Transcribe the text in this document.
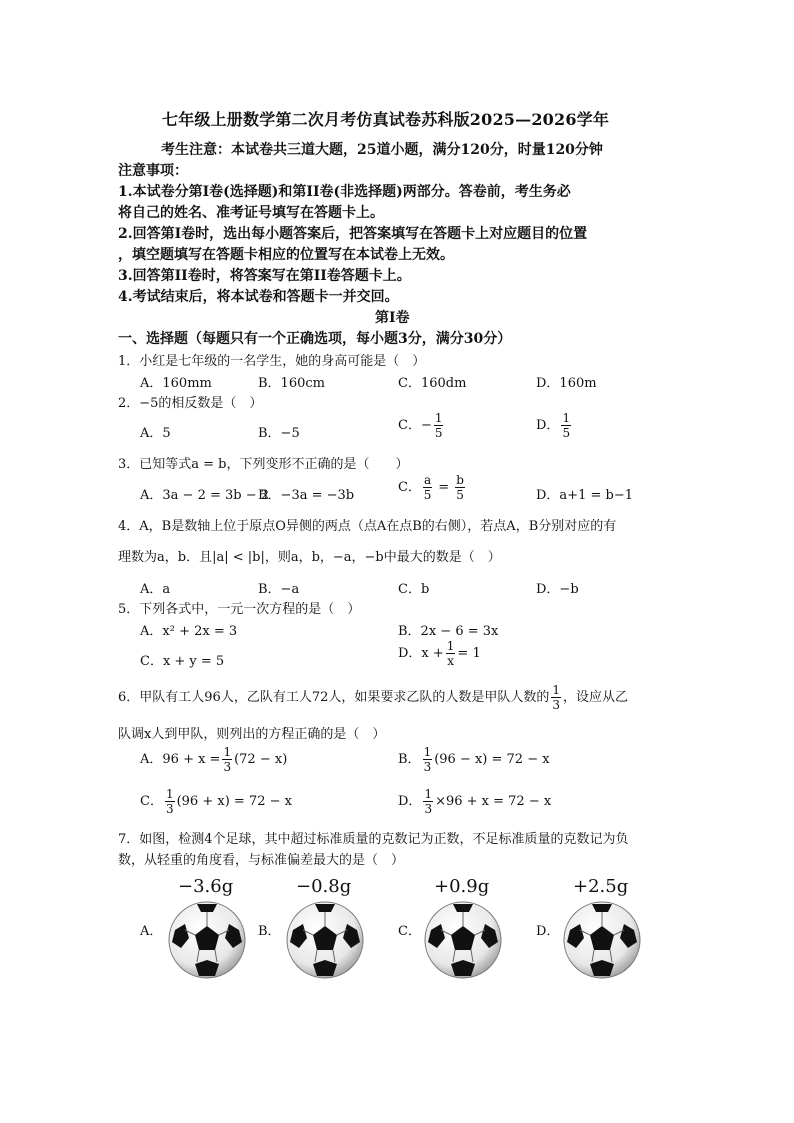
七年级上册数学第二次月考仿真试卷苏科版2025—2026学年
考生注意：本试卷共三道大题，25道小题，满分120分，时量120分钟
注意事项：
1.本试卷分第Ⅰ卷(选择题)和第II卷(非选择题)两部分。答卷前，考生务必
将自己的姓名、准考证号填写在答题卡上。
2.回答第Ⅰ卷时，选出每小题答案后，把答案填写在答题卡上对应题目的位置
，填空题填写在答题卡相应的位置写在本试卷上无效。
3.回答第II卷时，将答案写在第II卷答题卡上。
4.考试结束后，将本试卷和答题卡一并交回。
第Ⅰ卷
一、选择题（每题只有一个正确选项，每小题3分，满分30分）
1．小红是七年级的一名学生，她的身高可能是（　）
A．160mm	B．160cm	C．160dm	D．160m
2．−5的相反数是（　）
A．5	B．−5
C．− $\frac{1}{5}$	D． $\frac{1}{5}$
3．已知等式a = b，下列变形不正确的是（　　）
A．3a − 2 = 3b − 2
B．−3a = −3b
C． $\frac{a}{5} = \frac{b}{5}$	D．a+1 = b−1
4．A，B是数轴上位于原点O异侧的两点（点A在点B的右侧），若点A，B分别对应的有
理数为a，b．且|a| < |b|，则a，b，−a，−b中最大的数是（　）
A．a	B．−a	C．b	D．−b
5．下列各式中，一元一次方程的是（　）
A．x² + 2x = 3	B．2x − 6 = 3x
C．x + y = 5
D．$x + \frac{1}{x} = 1$
6．甲队有工人96人，乙队有工人72人，如果要求乙队的人数是甲队人数的 $\frac{1}{3}$ ，设应从乙
队调x人到甲队，则列出的方程正确的是（　）
A．$96 + x = \frac{1}{3} (72 - x)$	B． $\frac{1}{3} (96 - x) = 72 - x$
C． $\frac{1}{3} (96 + x) = 72 - x$	D． $\frac{1}{3} \times 96 + x = 72 - x$
7．如图，检测4个足球，其中超过标准质量的克数记为正数，不足标准质量的克数记为负
数，从轻重的角度看，与标准偏差最大的是（　）
−3.6g	−0.8g	+0.9g	+2.5g
A．	B．	C．	D．
